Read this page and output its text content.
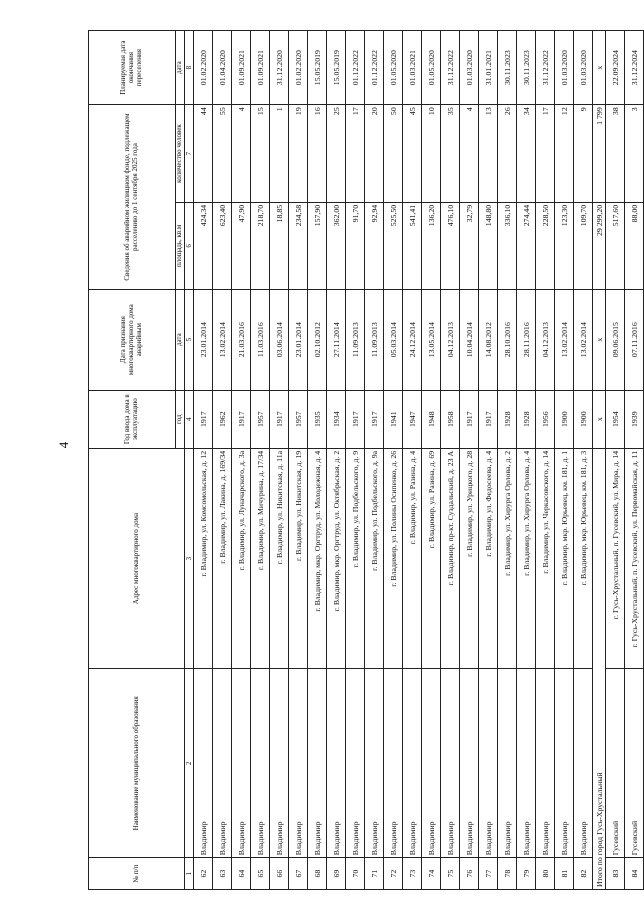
4
№ п/п	Наименование муниципального образования	Адрес многоквартирного дома	Год ввода дома в эксплуатацию	Дата признания многоквартирного дома аварийным	Сведения об аварийном жилищном фонде, подлежащем расселению до 1 сентября 2025 года		Планируемая дата окончания переселения
			год	дата	площадь, кв.м	количество человек	дата
1	2	3	4	5	6	7	8
62	Владимир	г. Владимир, ул. Комсомольская, д. 12	1917	23.01.2014	424,34	44	01.02.2020
63	Владимир	г. Владимир, ул. Лакина, д. 169/34	1962	13.02.2014	623,40	55	01.04.2020
64	Владимир	г. Владимир, ул. Луначарского, д. 3а	1917	21.03.2016	47,90	4	01.09.2021
65	Владимир	г. Владимир, ул. Мичурина, д. 17/34	1957	11.03.2016	218,70	15	01.09.2021
66	Владимир	г. Владимир, ул. Никитская, д. 11а	1917	03.06.2014	18,85	1	31.12.2020
67	Владимир	г. Владимир, ул. Никитская, д. 19	1957	23.01.2014	234,58	19	01.02.2020
68	Владимир	г. Владимир, мкр. Оргтруд, ул. Молодежная, д. 4	1935	02.10.2012	157,90	16	15.05.2019
69	Владимир	г. Владимир, мкр. Оргтруд, ул. Октябрьская, д. 2	1934	27.11.2014	362,00	25	15.05.2019
70	Владимир	г. Владимир, ул. Подбельского, д. 9	1917	11.09.2013	91,70	17	01.12.2022
71	Владимир	г. Владимир, ул. Подбельского, д. 9а	1917	11.09.2013	92,94	20	01.12.2022
72	Владимир	г. Владимир, ул. Полины Осипенко, д. 26	1941	05.03.2014	525,50	50	01.05.2020
73	Владимир	г. Владимир, ул. Разина, д. 4	1947	24.12.2014	541,41	45	01.03.2021
74	Владимир	г. Владимир, ул. Разина, д. 69	1948	13.05.2014	136,20	10	01.05.2020
75	Владимир	г. Владимир, пр-кт. Суздальский, д. 23 А	1958	04.12.2013	476,10	35	31.12.2022
76	Владимир	г. Владимир, ул. Урицкого, д. 28	1917	10.04.2014	32,79	4	01.03.2020
77	Владимир	г. Владимир, ул. Федосеева, д. 4	1917	14.08.2012	148,80	13	31.01.2021
78	Владимир	г. Владимир, ул. Хирурга Орлова, д. 2	1928	28.10.2016	336,10	26	30.11.2023
79	Владимир	г. Владимир, ул. Хирурга Орлова, д. 4	1928	28.11.2016	274,44	34	30.11.2023
80	Владимир	г. Владимир, ул. Черкасовского, д. 14	1956	04.12.2013	228,50	17	31.12.2022
81	Владимир	г. Владимир, мкр. Юрьевец, км. 181, д. 1	1900	13.02.2014	123,30	12	01.03.2020
82	Владимир	г. Владимир, мкр. Юрьевец, км. 181, д. 3	1900	13.02.2014	109,70	9	01.03.2020
Итого по город Гусь-Хрустальный			x	x	29 299,20	1 799	x
83	Гусевский	г. Гусь-Хрустальный, п. Гусевский, ул. Мира, д. 14	1954	09.06.2015	517,60	38	22.09.2024
84	Гусевский	г. Гусь-Хрустальный, п. Гусевский, ул. Первомайская, д. 11	1939	07.11.2016	88,00	3	31.12.2024
